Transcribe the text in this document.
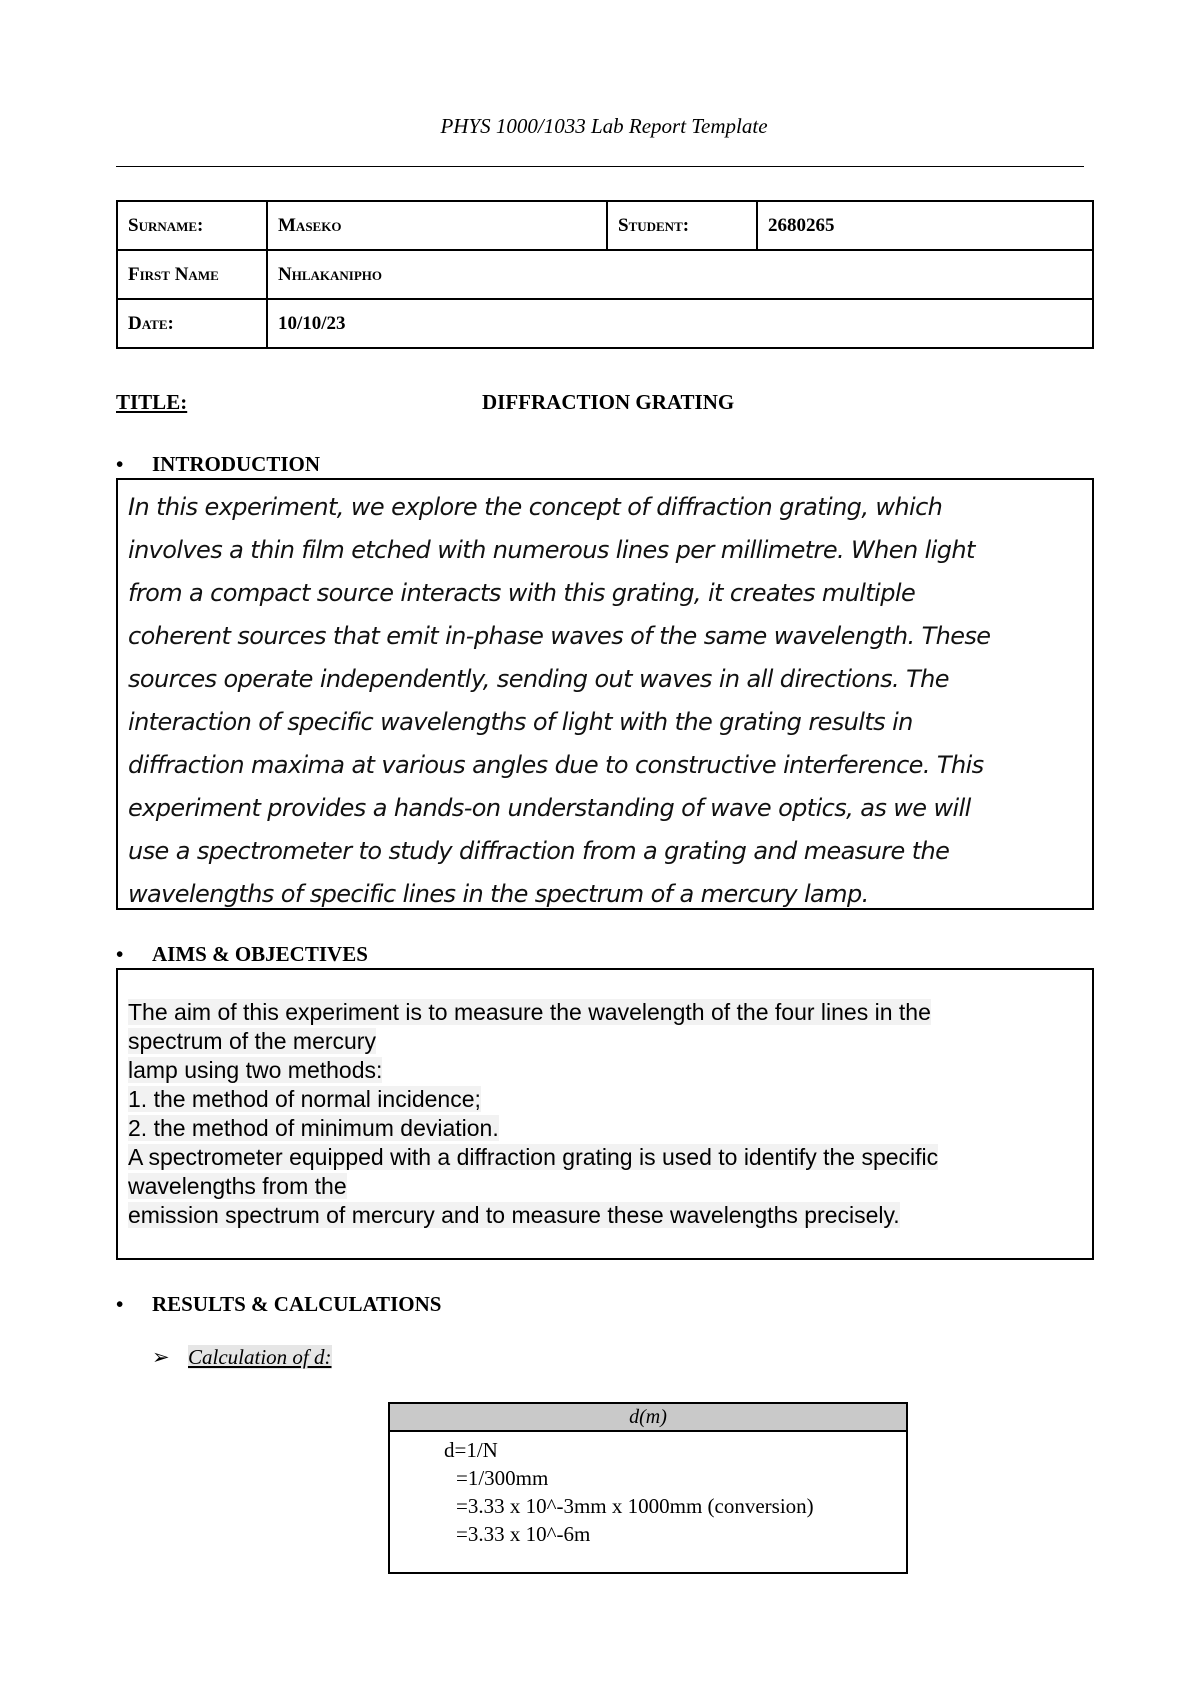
PHYS 1000/1033 Lab Report Template
Surname:	Maseko	Student:	2680265
First Name	Nhlakanipho		
Date:	10/10/23		
TITLE:	DIFFRACTION GRATING
• INTRODUCTION
In this experiment, we explore the concept of diffraction grating, which
involves a thin film etched with numerous lines per millimetre. When light
from a compact source interacts with this grating, it creates multiple
coherent sources that emit in-phase waves of the same wavelength. These
sources operate independently, sending out waves in all directions. The
interaction of specific wavelengths of light with the grating results in
diffraction maxima at various angles due to constructive interference. This
experiment provides a hands-on understanding of wave optics, as we will
use a spectrometer to study diffraction from a grating and measure the
wavelengths of specific lines in the spectrum of a mercury lamp.
• AIMS & OBJECTIVES
The aim of this experiment is to measure the wavelength of the four lines in the
spectrum of the mercury
lamp using two methods:
1. the method of normal incidence;
2. the method of minimum deviation.
A spectrometer equipped with a diffraction grating is used to identify the specific
wavelengths from the
emission spectrum of mercury and to measure these wavelengths precisely.
• RESULTS & CALCULATIONS
➢ Calculation of d:
d(m)
d=1/N
=1/300mm
=3.33 x 10^-3mm x 1000mm (conversion)
=3.33 x 10^-6m
